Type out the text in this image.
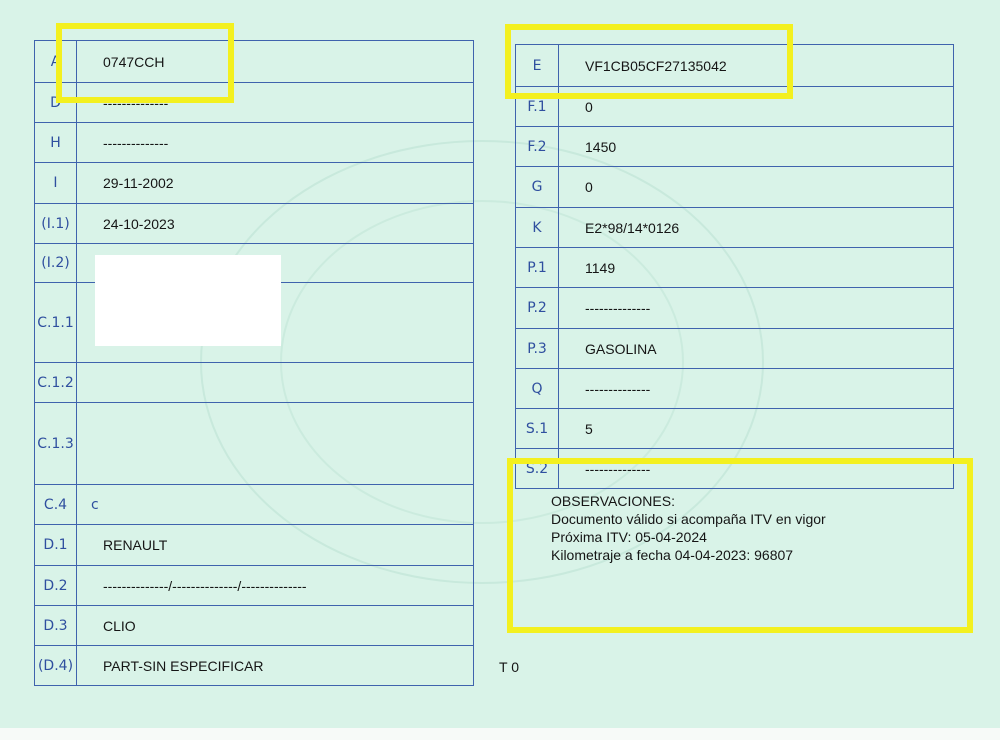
A	0747CCH
D	--------------
H	--------------
I	29-11-2002
(I.1)	24-10-2023
(I.2)	
C.1.1	
C.1.2	
C.1.3	
C.4	c
D.1	RENAULT
D.2	--------------/--------------/--------------
D.3	CLIO
(D.4)	PART-SIN ESPECIFICAR
E	VF1CB05CF27135042
F.1	0
F.2	1450
G	0
K	E2*98/14*0126
P.1	1149
P.2	--------------
P.3	GASOLINA
Q	--------------
S.1	5
S.2	--------------
OBSERVACIONES:
Documento válido si acompaña ITV en vigor
Próxima ITV: 05-04-2024
Kilometraje a fecha 04-04-2023: 96807
T 0
